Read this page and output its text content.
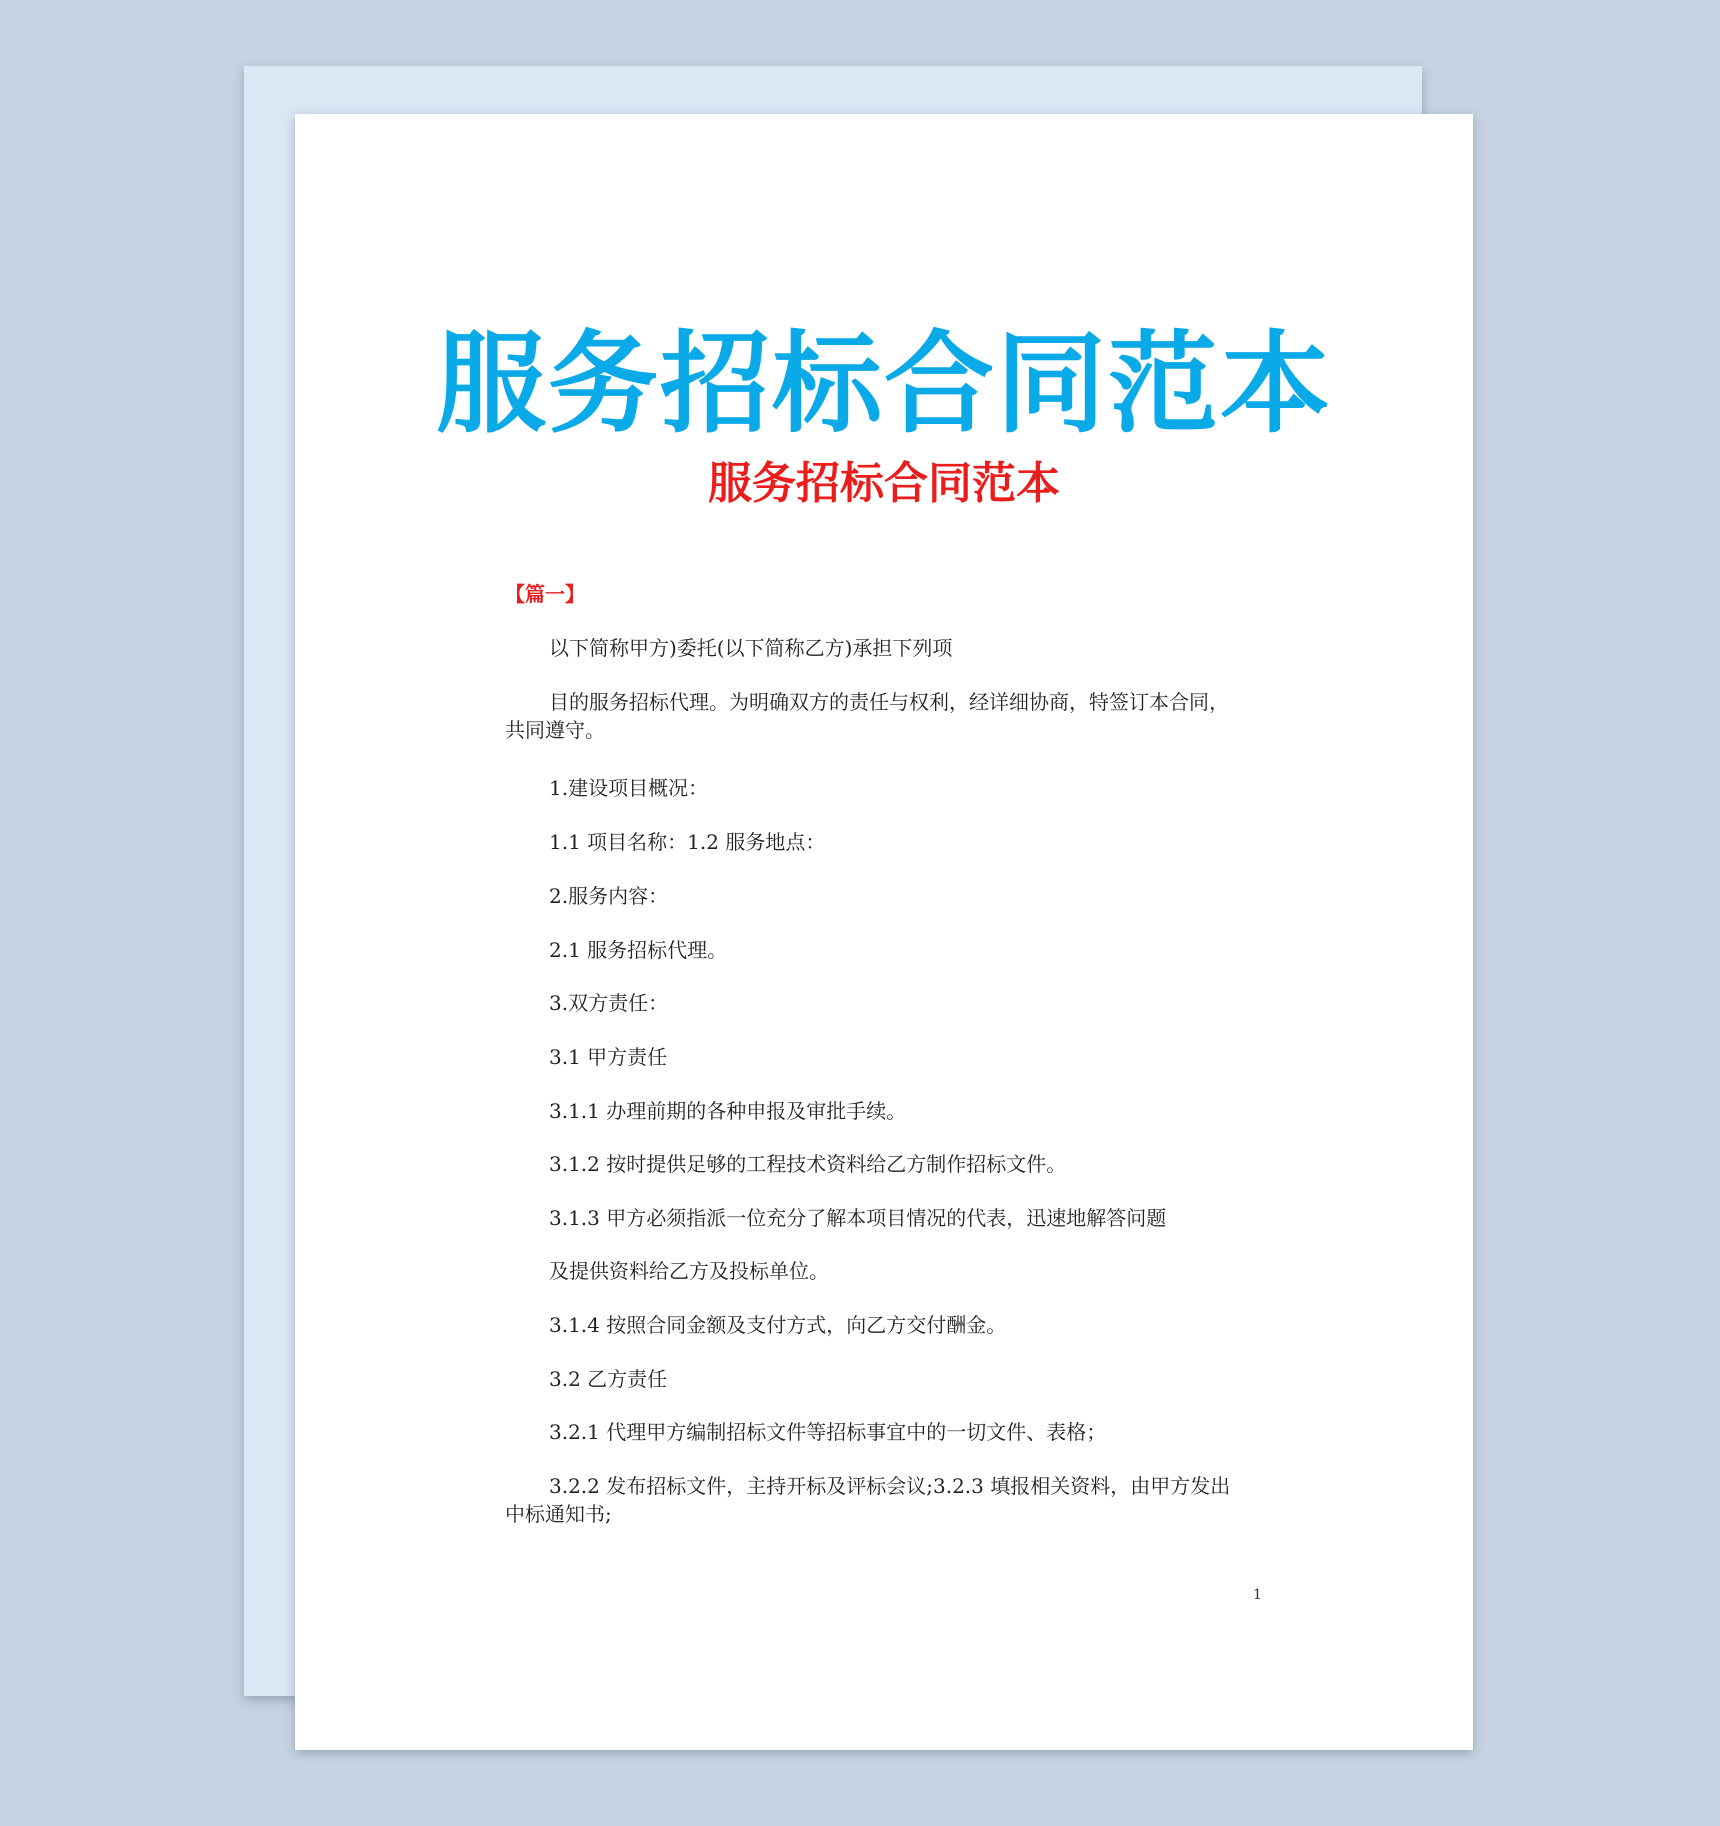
服务招标合同范本
服务招标合同范本
【篇一】

以下简称甲方)委托(以下简称乙方)承担下列项

目的服务招标代理。为明确双方的责任与权利，经详细协商，特签订本合同，共同遵守。

1.建设项目概况：

1.1 项目名称：1.2 服务地点：

2.服务内容：

2.1 服务招标代理。

3.双方责任：

3.1 甲方责任

3.1.1 办理前期的各种申报及审批手续。

3.1.2 按时提供足够的工程技术资料给乙方制作招标文件。

3.1.3 甲方必须指派一位充分了解本项目情况的代表，迅速地解答问题

及提供资料给乙方及投标单位。

3.1.4 按照合同金额及支付方式，向乙方交付酬金。

3.2 乙方责任

3.2.1 代理甲方编制招标文件等招标事宜中的一切文件、表格；

3.2.2 发布招标文件，主持开标及评标会议;3.2.3 填报相关资料，由甲方发出中标通知书;

1
